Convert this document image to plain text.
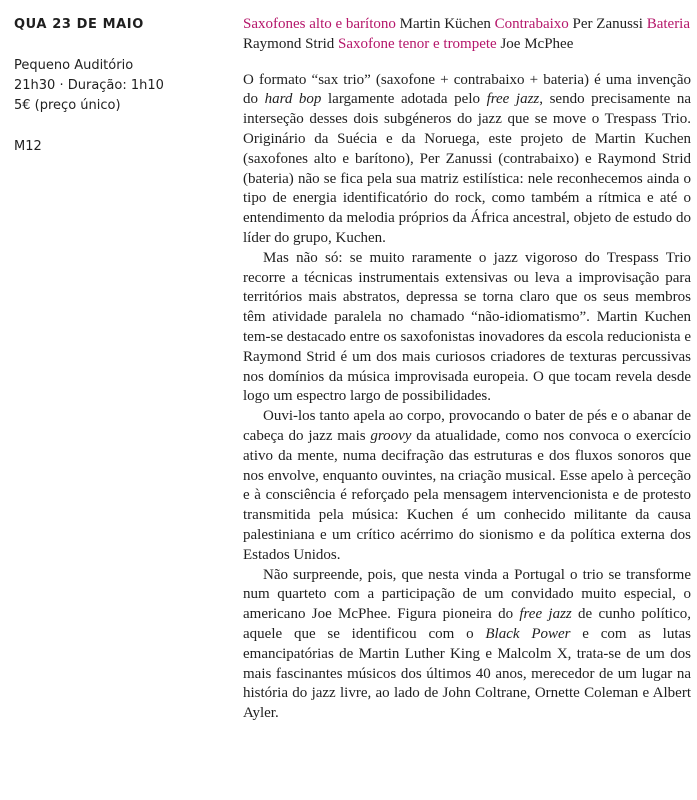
QUA 23 DE MAIO
Pequeno Auditório
21h30 · Duração: 1h10
5€ (preço único)
M12
Saxofones alto e barítono Martin Küchen Contrabaixo Per Zanussi Bateria Raymond Strid Saxofone tenor e trompete Joe McPhee

O formato “sax trio” (saxofone + contrabaixo + bateria) é uma invenção do hard bop largamente adotada pelo free jazz, sendo precisamente na interseção desses dois subgéneros do jazz que se move o Trespass Trio. Originário da Suécia e da Noruega, este projeto de Martin Kuchen (saxofones alto e barítono), Per Zanussi (contrabaixo) e Raymond Strid (bateria) não se fica pela sua matriz estilística: nele reconhecemos ainda o tipo de energia identificatório do rock, como também a rítmica e até o entendimento da melodia próprios da África ancestral, objeto de estudo do líder do grupo, Kuchen.

Mas não só: se muito raramente o jazz vigoroso do Trespass Trio recorre a técnicas instrumentais extensivas ou leva a improvisação para territórios mais abstratos, depressa se torna claro que os seus membros têm atividade paralela no chamado “não-idiomatismo”. Martin Kuchen tem-se destacado entre os saxofonistas inovadores da escola reducionista e Raymond Strid é um dos mais curiosos criadores de texturas percussivas nos domínios da música improvisada europeia. O que tocam revela desde logo um espectro largo de possibilidades.

Ouvi-los tanto apela ao corpo, provocando o bater de pés e o abanar de cabeça do jazz mais groovy da atualidade, como nos convoca o exercício ativo da mente, numa decifração das estruturas e dos fluxos sonoros que nos envolve, enquanto ouvintes, na criação musical. Esse apelo à perceção e à consciência é reforçado pela mensagem intervencionista e de protesto transmitida pela música: Kuchen é um conhecido militante da causa palestiniana e um crítico acérrimo do sionismo e da política externa dos Estados Unidos.

Não surpreende, pois, que nesta vinda a Portugal o trio se transforme num quarteto com a participação de um convidado muito especial, o americano Joe McPhee. Figura pioneira do free jazz de cunho político, aquele que se identificou com o Black Power e com as lutas emancipatórias de Martin Luther King e Malcolm X, trata-se de um dos mais fascinantes músicos dos últimos 40 anos, merecedor de um lugar na história do jazz livre, ao lado de John Coltrane, Ornette Coleman e Albert Ayler.
